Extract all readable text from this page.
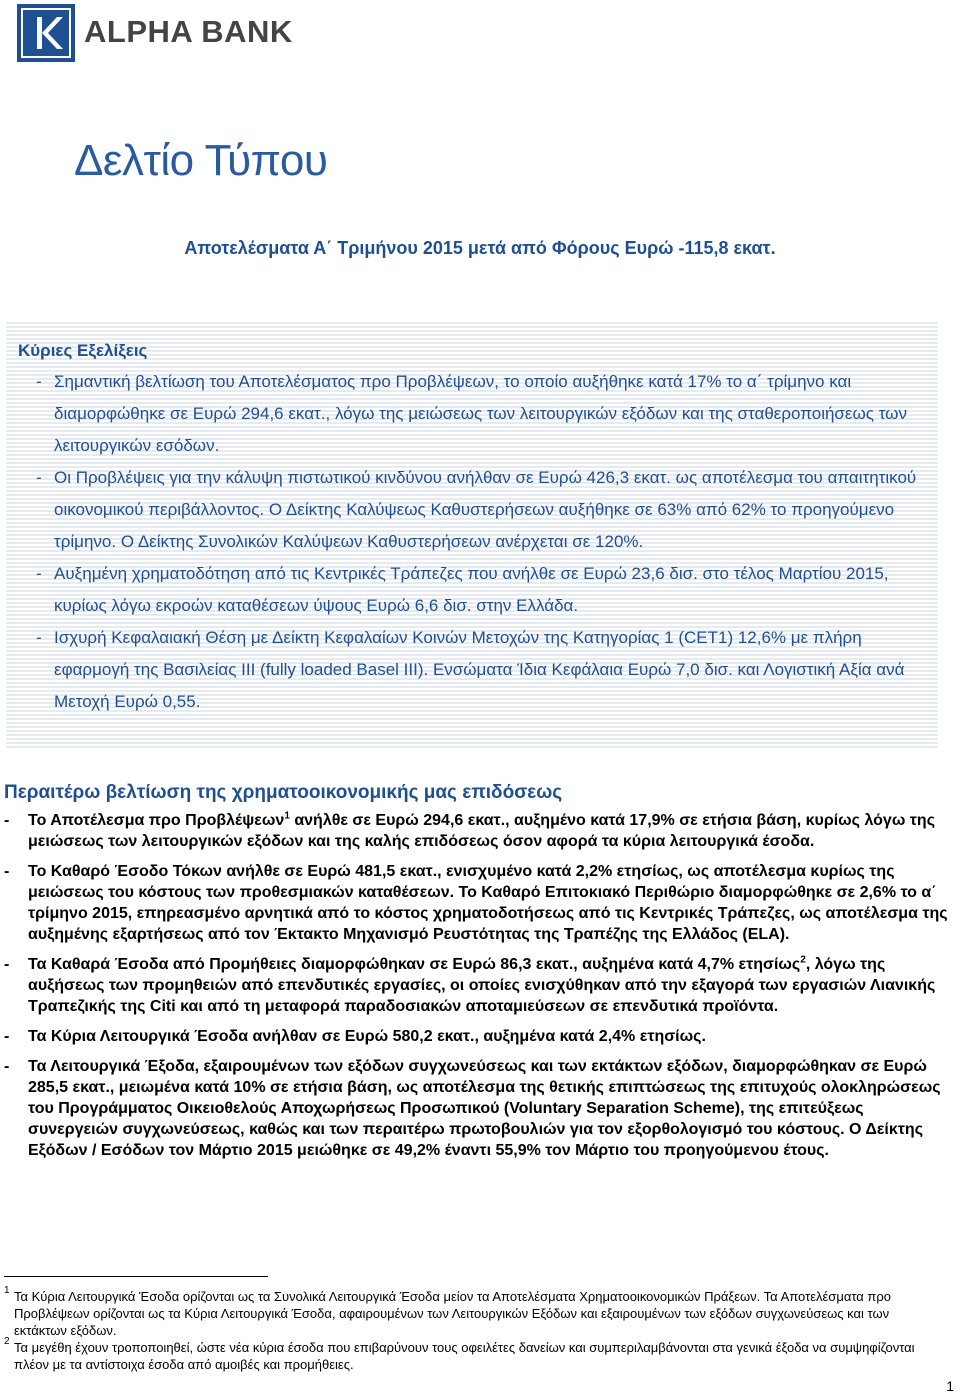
ALPHA BANK
Δελτίο Τύπου
Αποτελέσματα Α΄ Τριμήνου 2015 μετά από Φόρους Ευρώ -115,8 εκατ.
Κύριες Εξελίξεις
- Σημαντική βελτίωση του Αποτελέσματος προ Προβλέψεων, το οποίο αυξήθηκε κατά 17% το α΄ τρίμηνο και διαμορφώθηκε σε Ευρώ 294,6 εκατ., λόγω της μειώσεως των λειτουργικών εξόδων και της σταθεροποιήσεως των λειτουργικών εσόδων.
- Οι Προβλέψεις για την κάλυψη πιστωτικού κινδύνου ανήλθαν σε Ευρώ 426,3 εκατ. ως αποτέλεσμα του απαιτητικού οικονομικού περιβάλλοντος. Ο Δείκτης Καλύψεως Καθυστερήσεων αυξήθηκε σε 63% από 62% το προηγούμενο τρίμηνο. Ο Δείκτης Συνολικών Καλύψεων Καθυστερήσεων ανέρχεται σε 120%.
- Αυξημένη χρηματοδότηση από τις Κεντρικές Τράπεζες που ανήλθε σε Ευρώ 23,6 δισ. στο τέλος Μαρτίου 2015, κυρίως λόγω εκροών καταθέσεων ύψους Ευρώ 6,6 δισ. στην Ελλάδα.
- Ισχυρή Κεφαλαιακή Θέση με Δείκτη Κεφαλαίων Κοινών Μετοχών της Κατηγορίας 1 (CET1) 12,6% με πλήρη εφαρμογή της Βασιλείας ΙΙΙ (fully loaded Basel III). Ενσώματα Ίδια Κεφάλαια Ευρώ 7,0 δισ. και Λογιστική Αξία ανά Μετοχή Ευρώ 0,55.
Περαιτέρω βελτίωση της χρηματοοικονομικής μας επιδόσεως
- Το Αποτέλεσμα προ Προβλέψεων$^1$ ανήλθε σε Ευρώ 294,6 εκατ., αυξημένο κατά 17,9% σε ετήσια βάση, κυρίως λόγω της μειώσεως των λειτουργικών εξόδων και της καλής επιδόσεως όσον αφορά τα κύρια λειτουργικά έσοδα.
- Το Καθαρό Έσοδο Τόκων ανήλθε σε Ευρώ 481,5 εκατ., ενισχυμένο κατά 2,2% ετησίως, ως αποτέλεσμα κυρίως της μειώσεως του κόστους των προθεσμιακών καταθέσεων. Το Καθαρό Επιτοκιακό Περιθώριο διαμορφώθηκε σε 2,6% το α΄ τρίμηνο 2015, επηρεασμένο αρνητικά από το κόστος χρηματοδοτήσεως από τις Κεντρικές Τράπεζες, ως αποτέλεσμα της αυξημένης εξαρτήσεως από τον Έκτακτο Μηχανισμό Ρευστότητας της Τραπέζης της Ελλάδος (ELA).
- Τα Καθαρά Έσοδα από Προμήθειες διαμορφώθηκαν σε Ευρώ 86,3 εκατ., αυξημένα κατά 4,7% ετησίως$^2$, λόγω της αυξήσεως των προμηθειών από επενδυτικές εργασίες, οι οποίες ενισχύθηκαν από την εξαγορά των εργασιών Λιανικής Τραπεζικής της Citi και από τη μεταφορά παραδοσιακών αποταμιεύσεων σε επενδυτικά προϊόντα.
- Τα Κύρια Λειτουργικά Έσοδα ανήλθαν σε Ευρώ 580,2 εκατ., αυξημένα κατά 2,4% ετησίως.
- Τα Λειτουργικά Έξοδα, εξαιρουμένων των εξόδων συγχωνεύσεως και των εκτάκτων εξόδων, διαμορφώθηκαν σε Ευρώ 285,5 εκατ., μειωμένα κατά 10% σε ετήσια βάση, ως αποτέλεσμα της θετικής επιπτώσεως της επιτυχούς ολοκληρώσεως του Προγράμματος Οικειοθελούς Αποχωρήσεως Προσωπικού (Voluntary Separation Scheme), της επιτεύξεως συνεργειών συγχωνεύσεως, καθώς και των περαιτέρω πρωτοβουλιών για τον εξορθολογισμό του κόστους. Ο Δείκτης Εξόδων / Εσόδων τον Μάρτιο 2015 μειώθηκε σε 49,2% έναντι 55,9% τον Μάρτιο του προηγούμενου έτους.
1 Τα Κύρια Λειτουργικά Έσοδα ορίζονται ως τα Συνολικά Λειτουργικά Έσοδα μείον τα Αποτελέσματα Χρηματοοικονομικών Πράξεων. Τα Αποτελέσματα προ Προβλέψεων ορίζονται ως τα Κύρια Λειτουργικά Έσοδα, αφαιρουμένων των Λειτουργικών Εξόδων και εξαιρουμένων των εξόδων συγχωνεύσεως και των εκτάκτων εξόδων.
2 Τα μεγέθη έχουν τροποποιηθεί, ώστε νέα κύρια έσοδα που επιβαρύνουν τους οφειλέτες δανείων και συμπεριλαμβάνονται στα γενικά έξοδα να συμψηφίζονται πλέον με τα αντίστοιχα έσοδα από αμοιβές και προμήθειες.
1
